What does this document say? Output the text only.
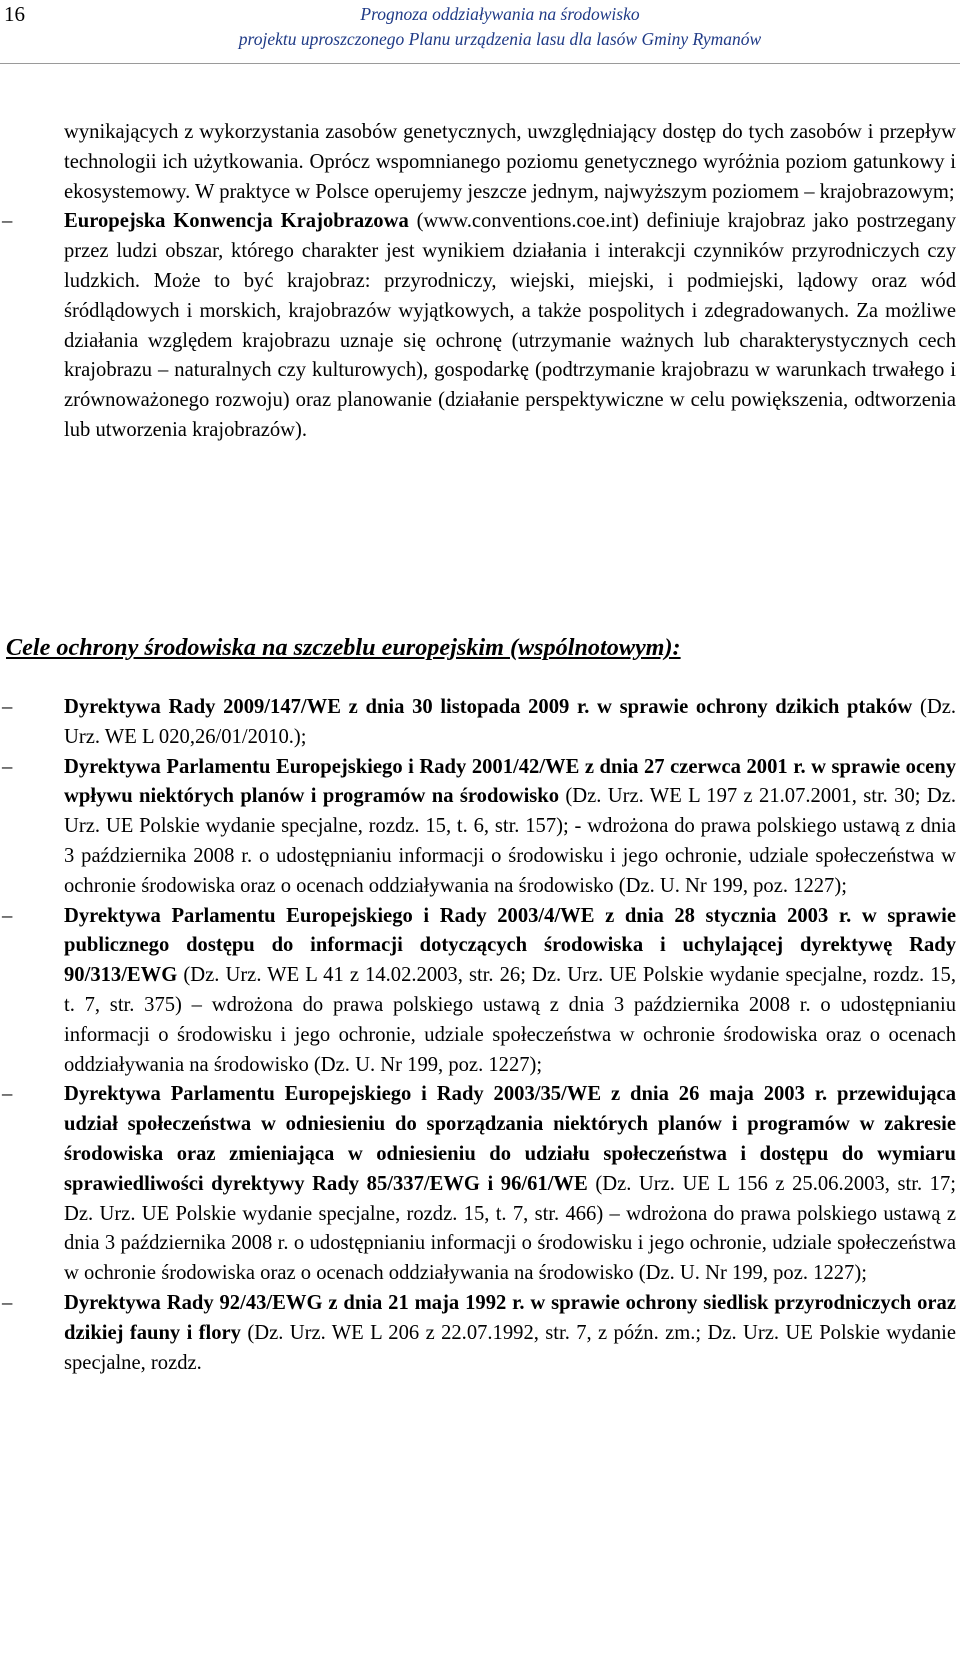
16	Prognoza oddziaływania na środowisko
projektu uproszczonego Planu urządzenia lasu dla lasów Gminy Rymanów

wynikających z wykorzystania zasobów genetycznych, uwzględniający dostęp do tych zasobów i przepływ technologii ich użytkowania. Oprócz wspomnianego poziomu genetycznego wyróżnia poziom gatunkowy i ekosystemowy. W praktyce w Polsce operujemy jeszcze jednym, najwyższym poziomem – krajobrazowym;

–	Europejska Konwencja Krajobrazowa (www.conventions.coe.int) definiuje krajobraz jako postrzegany przez ludzi obszar, którego charakter jest wynikiem działania i interakcji czynników przyrodniczych czy ludzkich. Może to być krajobraz: przyrodniczy, wiejski, miejski, i podmiejski, lądowy oraz wód śródlądowych i morskich, krajobrazów wyjątkowych, a także pospolitych i zdegradowanych. Za możliwe działania względem krajobrazu uznaje się ochronę (utrzymanie ważnych lub charakterystycznych cech krajobrazu – naturalnych czy kulturowych), gospodarkę (podtrzymanie krajobrazu w warunkach trwałego i zrównoważonego rozwoju) oraz planowanie (działanie perspektywiczne w celu powiększenia, odtworzenia lub utworzenia krajobrazów).

Cele ochrony środowiska na szczeblu europejskim (wspólnotowym):

–	Dyrektywa Rady 2009/147/WE z dnia 30 listopada 2009 r. w sprawie ochrony dzikich ptaków (Dz. Urz. WE L 020,26/01/2010.);

–	Dyrektywa Parlamentu Europejskiego i Rady 2001/42/WE z dnia 27 czerwca 2001 r. w sprawie oceny wpływu niektórych planów i programów na środowisko (Dz. Urz. WE L 197 z 21.07.2001, str. 30; Dz. Urz. UE Polskie wydanie specjalne, rozdz. 15, t. 6, str. 157); - wdrożona do prawa polskiego ustawą z dnia 3 października 2008 r. o udostępnianiu informacji o środowisku i jego ochronie, udziale społeczeństwa w ochronie środowiska oraz o ocenach oddziaływania na środowisko (Dz. U. Nr 199, poz. 1227);

–	Dyrektywa Parlamentu Europejskiego i Rady 2003/4/WE z dnia 28 stycznia 2003 r. w sprawie publicznego dostępu do informacji dotyczących środowiska i uchylającej dyrektywę Rady 90/313/EWG (Dz. Urz. WE L 41 z 14.02.2003, str. 26; Dz. Urz. UE Polskie wydanie specjalne, rozdz. 15, t. 7, str. 375) – wdrożona do prawa polskiego ustawą z dnia 3 października 2008 r. o udostępnianiu informacji o środowisku i jego ochronie, udziale społeczeństwa w ochronie środowiska oraz o ocenach oddziaływania na środowisko (Dz. U. Nr 199, poz. 1227);

–	Dyrektywa Parlamentu Europejskiego i Rady 2003/35/WE z dnia 26 maja 2003 r. przewidująca udział społeczeństwa w odniesieniu do sporządzania niektórych planów i programów w zakresie środowiska oraz zmieniająca w odniesieniu do udziału społeczeństwa i dostępu do wymiaru sprawiedliwości dyrektywy Rady 85/337/EWG i 96/61/WE (Dz. Urz. UE L 156 z 25.06.2003, str. 17; Dz. Urz. UE Polskie wydanie specjalne, rozdz. 15, t. 7, str. 466) – wdrożona do prawa polskiego ustawą z dnia 3 października 2008 r. o udostępnianiu informacji o środowisku i jego ochronie, udziale społeczeństwa w ochronie środowiska oraz o ocenach oddziaływania na środowisko (Dz. U. Nr 199, poz. 1227);

–	Dyrektywa Rady 92/43/EWG z dnia 21 maja 1992 r. w sprawie ochrony siedlisk przyrodniczych oraz dzikiej fauny i flory (Dz. Urz. WE L 206 z 22.07.1992, str. 7, z późn. zm.; Dz. Urz. UE Polskie wydanie specjalne, rozdz.
